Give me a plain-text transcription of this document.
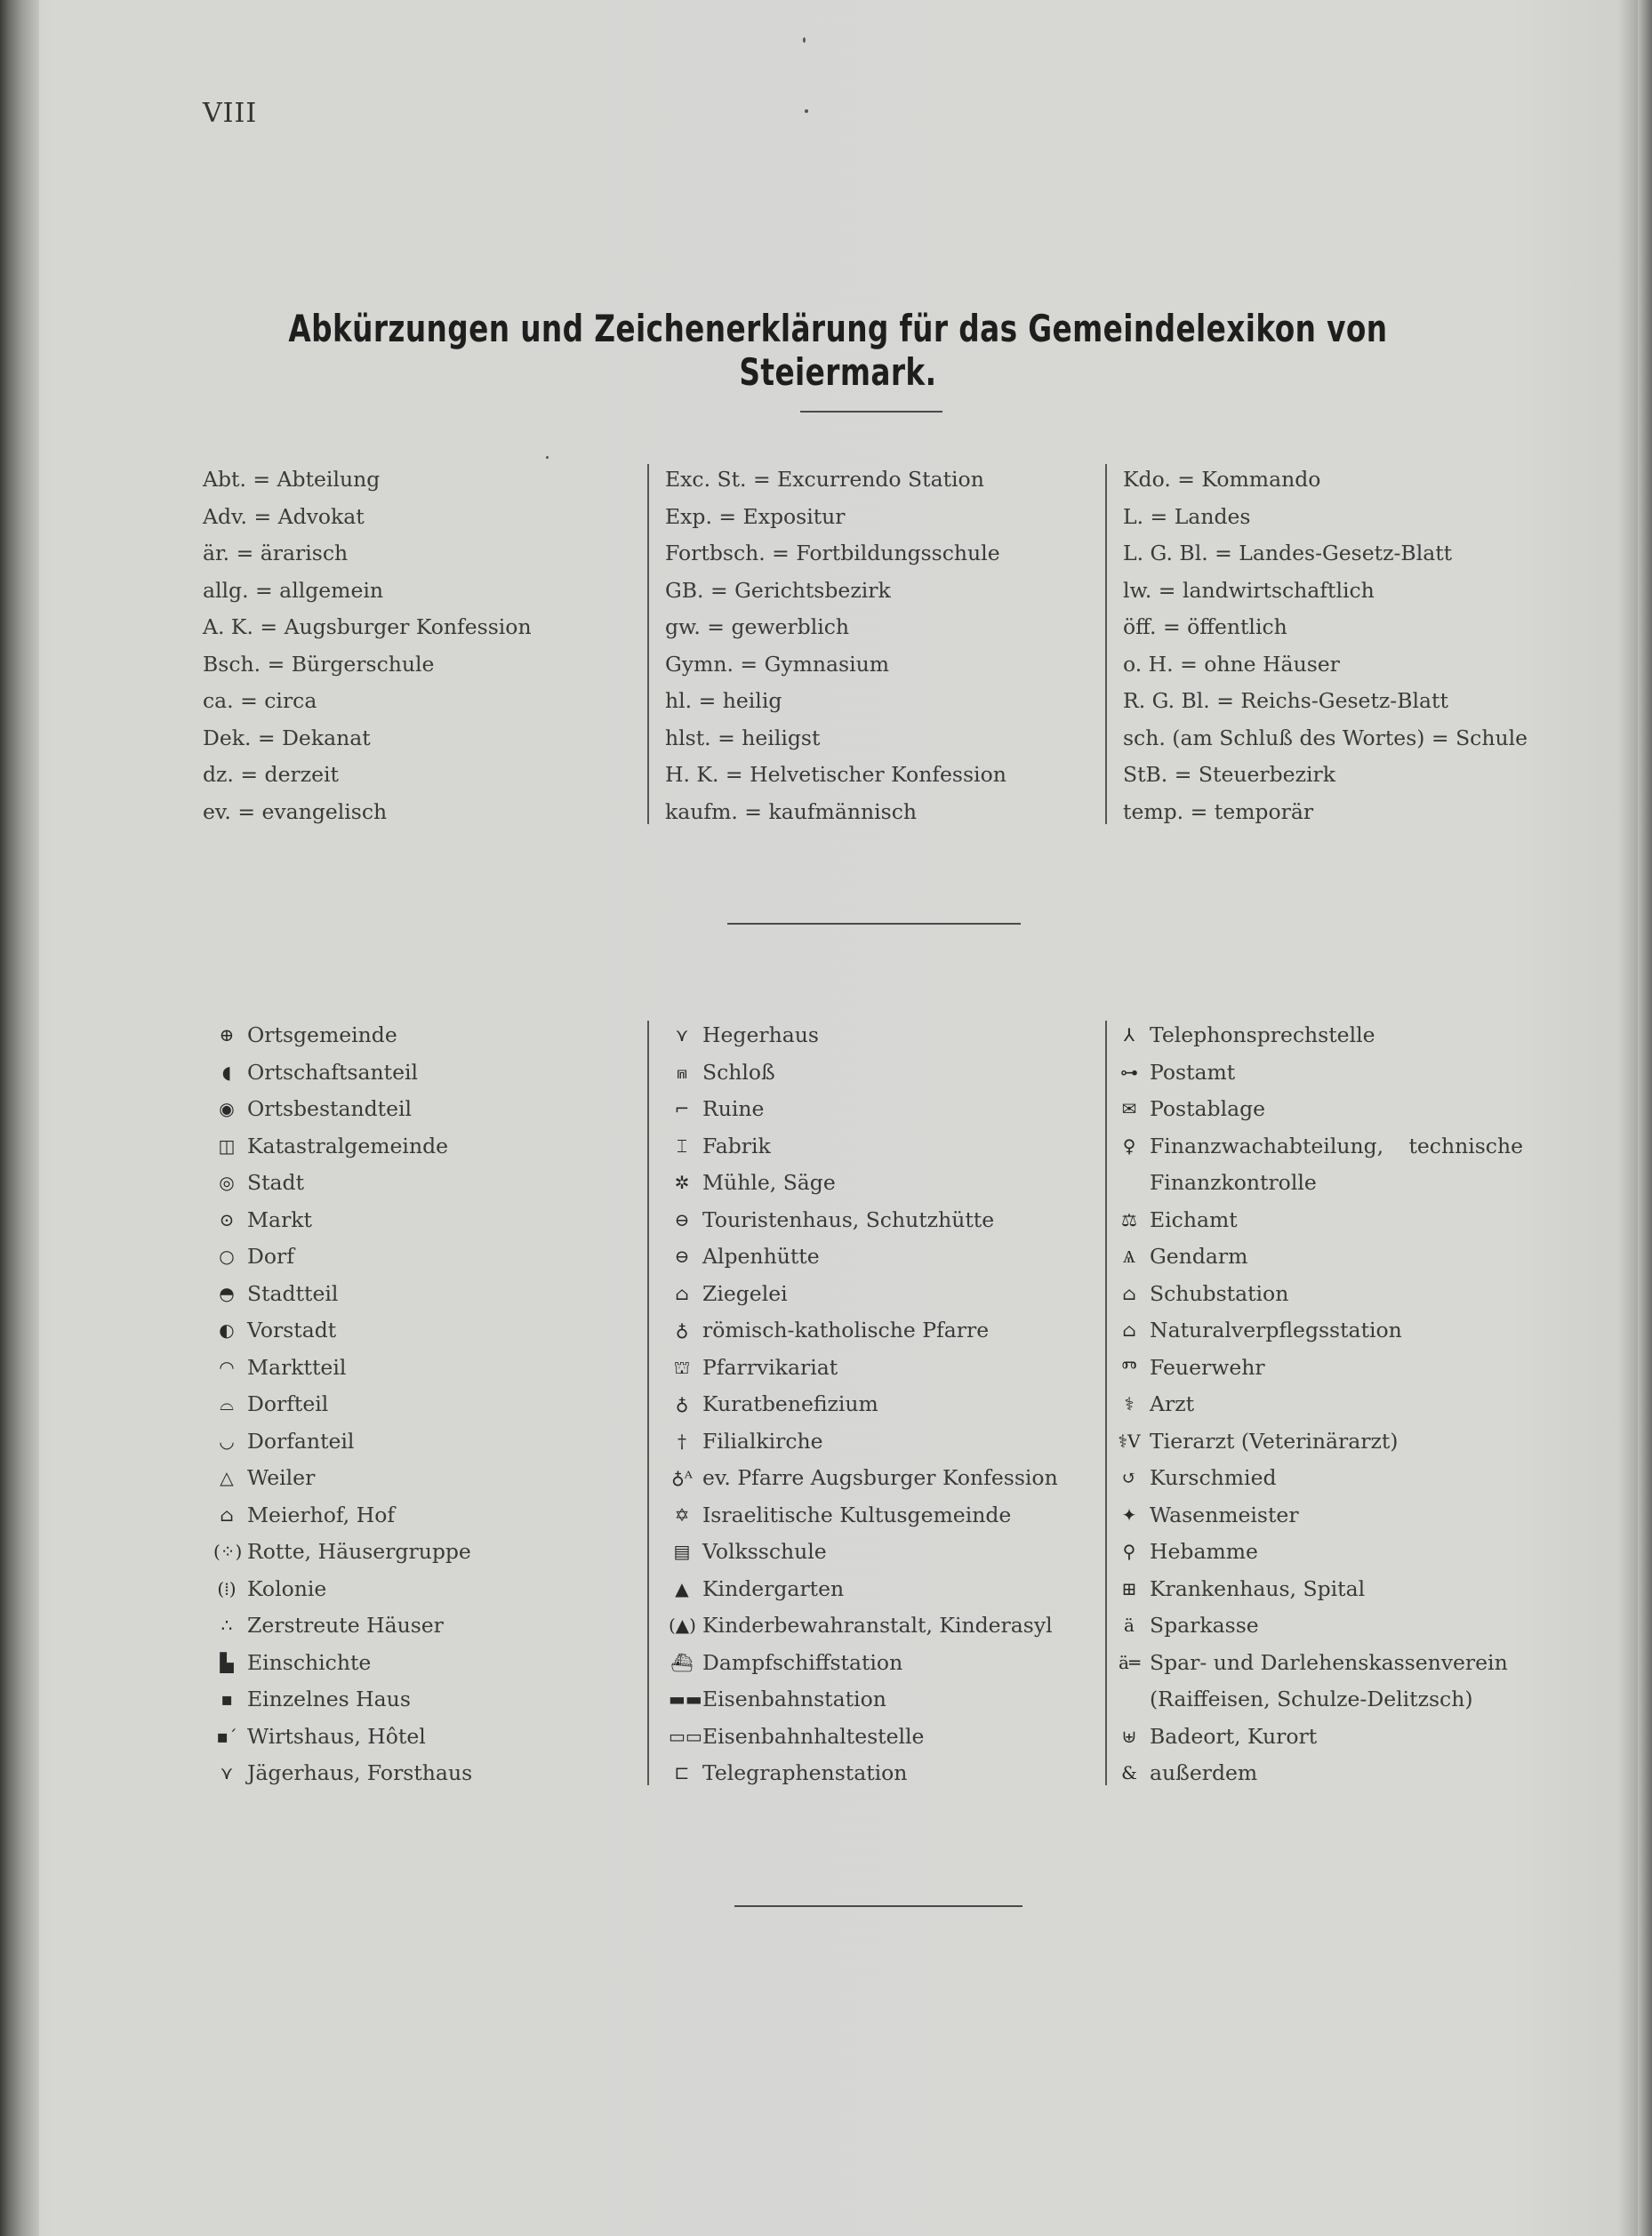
VIII
Abkürzungen und Zeichenerklärung für das Gemeindelexikon von Steiermark.
Abt. = Abteilung
Adv. = Advokat
är. = ärarisch
allg. = allgemein
A. K. = Augsburger Konfession
Bsch. = Bürgerschule
ca. = circa
Dek. = Dekanat
dz. = derzeit
ev. = evangelisch
Exc. St. = Excurrendo Station
Exp. = Expositur
Fortbsch. = Fortbildungsschule
GB. = Gerichtsbezirk
gw. = gewerblich
Gymn. = Gymnasium
hl. = heilig
hlst. = heiligst
H. K. = Helvetischer Konfession
kaufm. = kaufmännisch
Kdo. = Kommando
L. = Landes
L. G. Bl. = Landes-Gesetz-Blatt
lw. = landwirtschaftlich
öff. = öffentlich
o. H. = ohne Häuser
R. G. Bl. = Reichs-Gesetz-Blatt
sch. (am Schluß des Wortes) = Schule
StB. = Steuerbezirk
temp. = temporär
⊕ Ortsgemeinde
◖ Ortschaftsanteil
◉ Ortsbestandteil
◫ Katastralgemeinde
◎ Stadt
⊙ Markt
○ Dorf
◓ Stadtteil
◐ Vorstadt
◠ Marktteil
⌓ Dorfteil
◡ Dorfanteil
△ Weiler
⌂ Meierhof, Hof
(⁘) Rotte, Häusergruppe
(⁞) Kolonie
∴ Zerstreute Häuser
▙ Einschichte
▪ Einzelnes Haus
▪ˊ Wirtshaus, Hôtel
⋎ Jägerhaus, Forsthaus
⋎ Hegerhaus
⩎ Schloß
⌐ Ruine
⌶ Fabrik
✲ Mühle, Säge
⊖ Touristenhaus, Schutzhütte
⊖ Alpenhütte
⌂ Ziegelei
♁ römisch-katholische Pfarre
⛫ Pfarrvikariat
♁ Kuratbenefizium
† Filialkirche
♁ᴬ ev. Pfarre Augsburger Konfession
✡ Israelitische Kultusgemeinde
▤ Volksschule
▲ Kindergarten
(▲) Kinderbewahranstalt, Kinderasyl
⛴ Dampfschiffstation
▬▬ Eisenbahnstation
▭▭ Eisenbahnhaltestelle
⊏ Telegraphenstation
⅄ Telephonsprechstelle
⊶ Postamt
✉ Postablage
♀ Finanzwachabteilung, technische Finanzkontrolle
⚖ Eichamt
Ѧ Gendarm
⌂ Schubstation
⌂ Naturalverpflegsstation
Ⱅ Feuerwehr
⚕ Arzt
⚕V Tierarzt (Veterinärarzt)
↺ Kurschmied
✦ Wasenmeister
⚲ Hebamme
⊞ Krankenhaus, Spital
ä Sparkasse
ä═ Spar- und Darlehenskassenverein
(Raiffeisen, Schulze-Delitzsch)
⊎ Badeort, Kurort
& außerdem
